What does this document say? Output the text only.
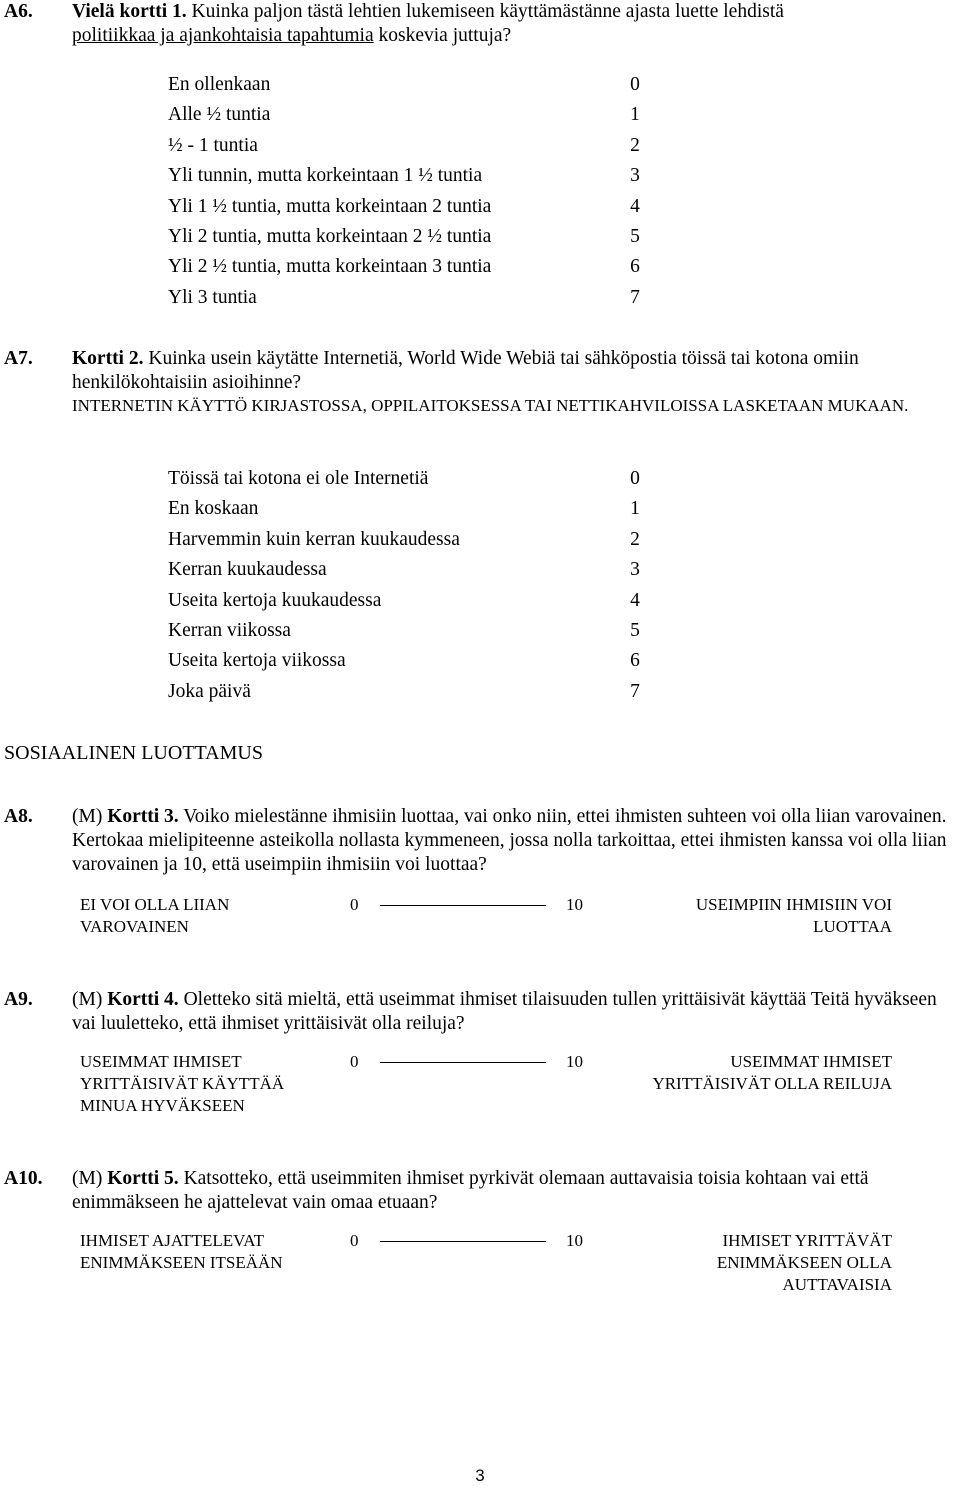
A6. Vielä kortti 1. Kuinka paljon tästä lehtien lukemiseen käyttämästänne ajasta luette lehdistä
politiikkaa ja ajankohtaisia tapahtumia koskevia juttuja?
En ollenkaan	0
Alle ½ tuntia	1
½ - 1 tuntia	2
Yli tunnin, mutta korkeintaan 1 ½ tuntia	3
Yli 1 ½ tuntia, mutta korkeintaan 2 tuntia	4
Yli 2 tuntia, mutta korkeintaan 2 ½ tuntia	5
Yli 2 ½ tuntia, mutta korkeintaan 3 tuntia	6
Yli 3 tuntia	7
A7. Kortti 2. Kuinka usein käytätte Internetiä, World Wide Webiä tai sähköpostia töissä tai kotona omiin henkilökohtaisiin asioihinne?
INTERNETIN KÄYTTÖ KIRJASTOSSA, OPPILAITOKSESSA TAI NETTIKAHVILOISSA LASKETAAN MUKAAN.
Töissä tai kotona ei ole Internetiä	0
En koskaan	1
Harvemmin kuin kerran kuukaudessa	2
Kerran kuukaudessa	3
Useita kertoja kuukaudessa	4
Kerran viikossa	5
Useita kertoja viikossa	6
Joka päivä	7
SOSIAALINEN LUOTTAMUS
A8. (M) Kortti 3. Voiko mielestänne ihmisiin luottaa, vai onko niin, ettei ihmisten suhteen voi olla liian varovainen. Kertokaa mielipiteenne asteikolla nollasta kymmeneen, jossa nolla tarkoittaa, ettei ihmisten kanssa voi olla liian varovainen ja 10, että useimpiin ihmisiin voi luottaa?
EI VOI OLLA LIIAN
VAROVAINEN
0	10	USEIMPIIN IHMISIIN VOI
LUOTTAA
A9. (M) Kortti 4. Oletteko sitä mieltä, että useimmat ihmiset tilaisuuden tullen yrittäisivät käyttää Teitä hyväkseen vai luuletteko, että ihmiset yrittäisivät olla reiluja?
USEIMMAT IHMISET
YRITTÄISIVÄT KÄYTTÄÄ
MINUA HYVÄKSEEN
0	10	USEIMMAT IHMISET
YRITTÄISIVÄT OLLA REILUJA
A10. (M) Kortti 5. Katsotteko, että useimmiten ihmiset pyrkivät olemaan auttavaisia toisia kohtaan vai että enimmäkseen he ajattelevat vain omaa etuaan?
IHMISET AJATTELEVAT
ENIMMÄKSEEN ITSEÄÄN
0	10	IHMISET YRITTÄVÄT
ENIMMÄKSEEN OLLA
AUTTAVAISIA
3
